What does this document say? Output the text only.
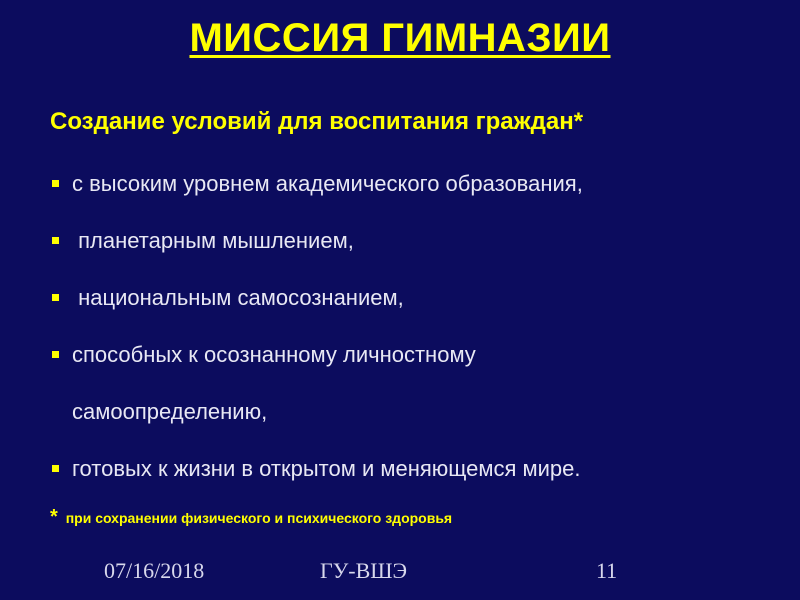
МИССИЯ ГИМНАЗИИ
Создание условий для воспитания граждан*
с высоким уровнем академического образования,
планетарным мышлением,
национальным самосознанием,
способных к осознанному личностному
самоопределению,
готовых к жизни в открытом и меняющемся мире.
* при сохранении физического и психического здоровья
07/16/2018	ГУ-ВШЭ	11
